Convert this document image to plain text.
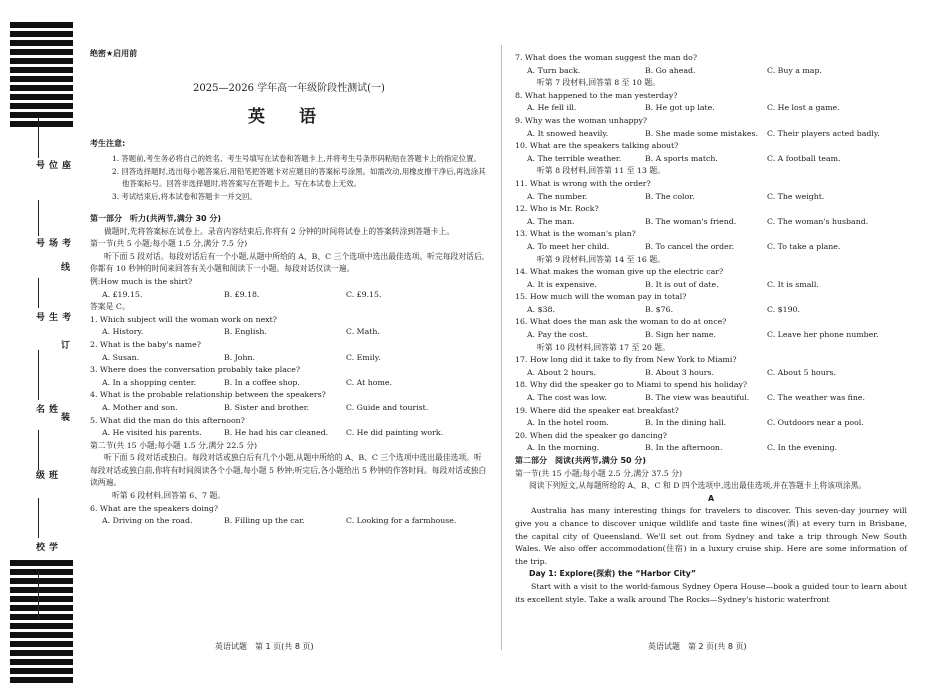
座位号
考场号
考生号
姓名
班级
学校
线
订
装
绝密★启用前
2025—2026 学年高一年级阶段性测试(一)
英 语
考生注意:

1. 答题前,考生务必将自己的姓名、考生号填写在试卷和答题卡上,并将考生号条形码粘贴在答题卡上的指定位置。

2. 回答选择题时,选出每小题答案后,用铅笔把答题卡对应题目的答案标号涂黑。如需改动,用橡皮擦干净后,再选涂其他答案标号。回答非选择题时,将答案写在答题卡上。写在本试卷上无效。

3. 考试结束后,将本试卷和答题卡一并交回。

第一部分　听力(共两节,满分 30 分)
做题时,先将答案标在试卷上。录音内容结束后,你将有 2 分钟的时间将试卷上的答案转涂到答题卡上。
第一节(共 5 小题;每小题 1.5 分,满分 7.5 分)
听下面 5 段对话。每段对话后有一个小题,从题中所给的 A、B、C 三个选项中选出最佳选项。听完每段对话后,你都有 10 秒钟的时间来回答有关小题和阅读下一小题。每段对话仅读一遍。
例:How much is the shirt?
A. £19.15.	B. £9.18.	C. £9.15.
答案是 C。
1. Which subject will the woman work on next?
A. History.	B. English.	C. Math.
2. What is the baby's name?
A. Susan.	B. John.	C. Emily.
3. Where does the conversation probably take place?
A. In a shopping center.	B. In a coffee shop.	C. At home.
4. What is the probable relationship between the speakers?
A. Mother and son.	B. Sister and brother.	C. Guide and tourist.
5. What did the man do this afternoon?
A. He visited his parents.	B. He had his car cleaned.	C. He did painting work.
第二节(共 15 小题;每小题 1.5 分,满分 22.5 分)
听下面 5 段对话或独白。每段对话或独白后有几个小题,从题中所给的 A、B、C 三个选项中选出最佳选项。听每段对话或独白前,你将有时间阅读各个小题,每小题 5 秒钟;听完后,各小题给出 5 秒钟的作答时间。每段对话或独白读两遍。
听第 6 段材料,回答第 6、7 题。
6. What are the speakers doing?
A. Driving on the road.	B. Filling up the car.	C. Looking for a farmhouse.
7. What does the woman suggest the man do?
A. Turn back.	B. Go ahead.	C. Buy a map.
听第 7 段材料,回答第 8 至 10 题。
8. What happened to the man yesterday?
A. He fell ill.	B. He got up late.	C. He lost a game.
9. Why was the woman unhappy?
A. It snowed heavily.	B. She made some mistakes.	C. Their players acted badly.
10. What are the speakers talking about?
A. The terrible weather.	B. A sports match.	C. A football team.
听第 8 段材料,回答第 11 至 13 题。
11. What is wrong with the order?
A. The number.	B. The color.	C. The weight.
12. Who is Mr. Rock?
A. The man.	B. The woman's friend.	C. The woman's husband.
13. What is the woman's plan?
A. To meet her child.	B. To cancel the order.	C. To take a plane.
听第 9 段材料,回答第 14 至 16 题。
14. What makes the woman give up the electric car?
A. It is expensive.	B. It is out of date.	C. It is small.
15. How much will the woman pay in total?
A. $38.	B. $76.	C. $190.
16. What does the man ask the woman to do at once?
A. Pay the cost.	B. Sign her name.	C. Leave her phone number.
听第 10 段材料,回答第 17 至 20 题。
17. How long did it take to fly from New York to Miami?
A. About 2 hours.	B. About 3 hours.	C. About 5 hours.
18. Why did the speaker go to Miami to spend his holiday?
A. The cost was low.	B. The view was beautiful.	C. The weather was fine.
19. Where did the speaker eat breakfast?
A. In the hotel room.	B. In the dining hall.	C. Outdoors near a pool.
20. When did the speaker go dancing?
A. In the morning.	B. In the afternoon.	C. In the evening.
第二部分　阅读(共两节,满分 50 分)
第一节(共 15 小题;每小题 2.5 分,满分 37.5 分)
阅读下列短文,从每题所给的 A、B、C 和 D 四个选项中,选出最佳选项,并在答题卡上将该项涂黑。
A
Australia has many interesting things for travelers to discover. This seven-day journey will give you a chance to discover unique wildlife and taste fine wines(酒) at every turn in Brisbane, the capital city of Queensland. We'll set out from Sydney and take a trip through New South Wales. We also offer accommodation(住宿) in a luxury cruise ship. Here are some information of the trip.
Day 1: Explore(探索) the “Harbor City”
Start with a visit to the world-famous Sydney Opera House—book a guided tour to learn about its excellent style. Take a walk around The Rocks—Sydney's historic waterfront
英语试题　第 1 页(共 8 页)	英语试题　第 2 页(共 8 页)
